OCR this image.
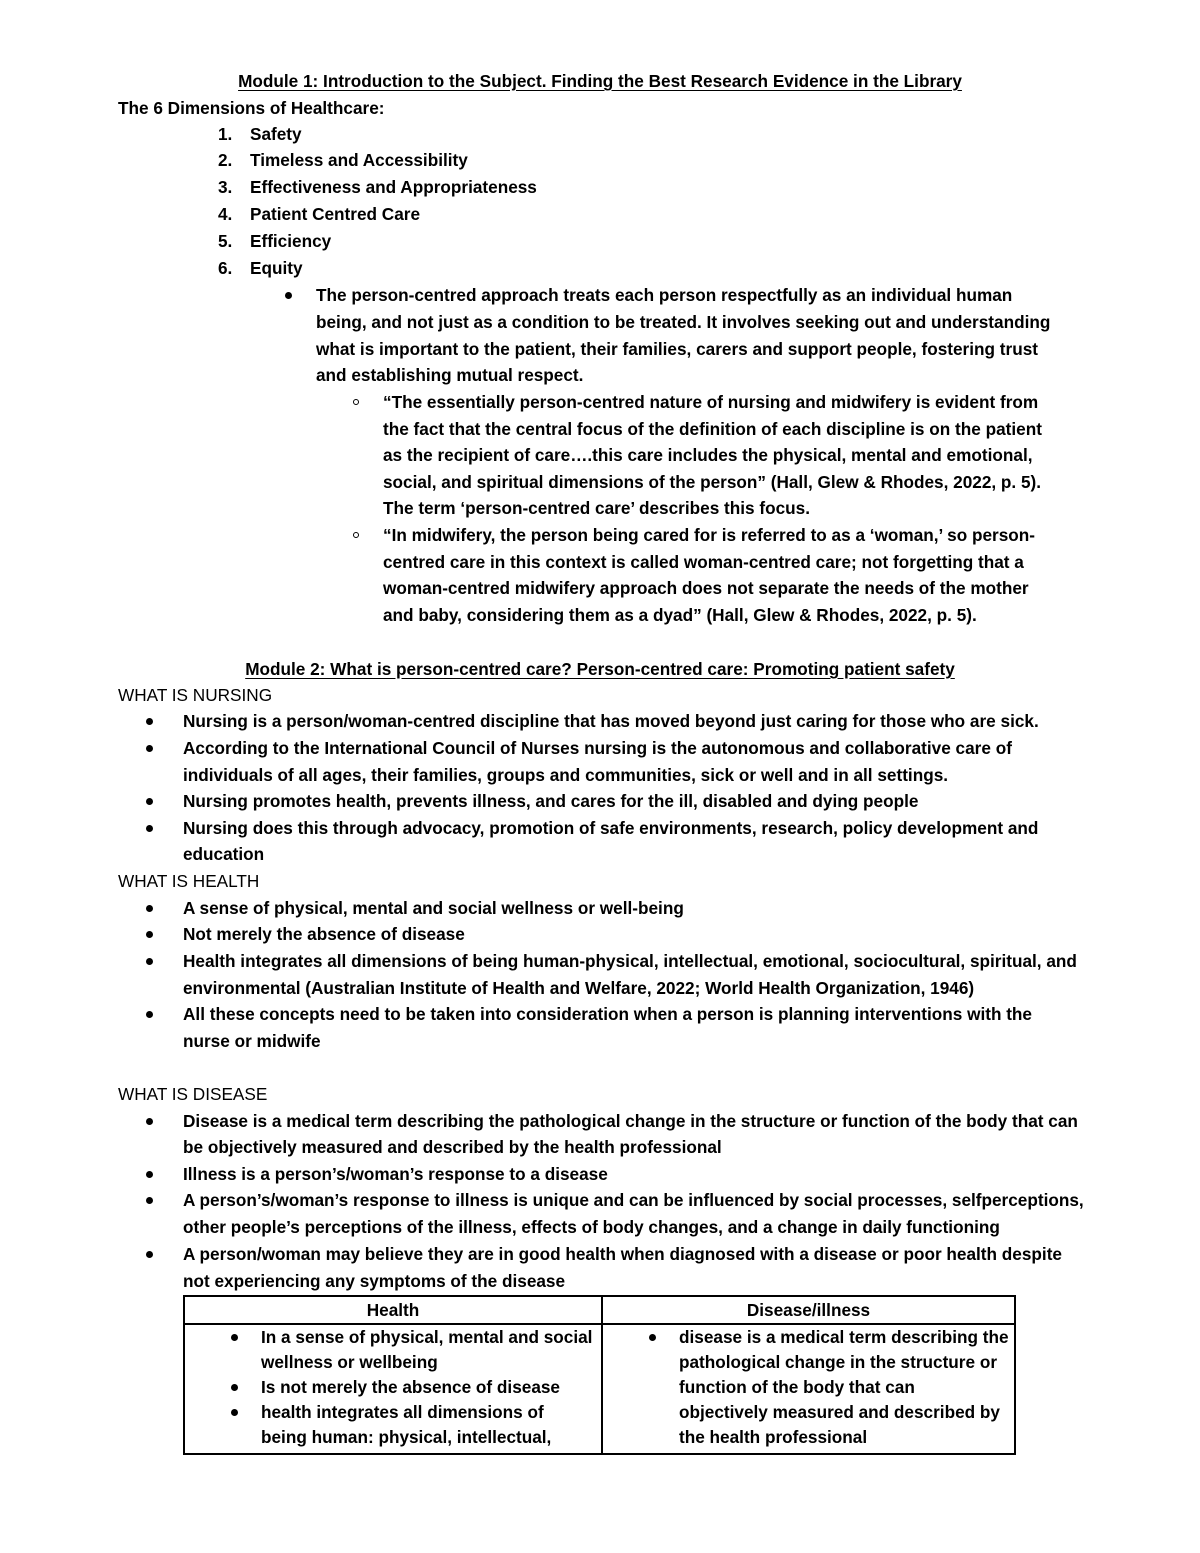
Module 1: Introduction to the Subject. Finding the Best Research Evidence in the Library
The 6 Dimensions of Healthcare:
1. Safety
2. Timeless and Accessibility
3. Effectiveness and Appropriateness
4. Patient Centred Care
5. Efficiency
6. Equity
The person-centred approach treats each person respectfully as an individual human
being, and not just as a condition to be treated. It involves seeking out and understanding
what is important to the patient, their families, carers and support people, fostering trust
and establishing mutual respect.
“The essentially person-centred nature of nursing and midwifery is evident from
the fact that the central focus of the definition of each discipline is on the patient
as the recipient of care….this care includes the physical, mental and emotional,
social, and spiritual dimensions of the person” (Hall, Glew & Rhodes, 2022, p. 5).
The term ‘person-centred care’ describes this focus.
“In midwifery, the person being cared for is referred to as a ‘woman,’ so person-
centred care in this context is called woman-centred care; not forgetting that a
woman-centred midwifery approach does not separate the needs of the mother
and baby, considering them as a dyad” (Hall, Glew & Rhodes, 2022, p. 5).
Module 2: What is person-centred care? Person-centred care: Promoting patient safety
WHAT IS NURSING
Nursing is a person/woman-centred discipline that has moved beyond just caring for those who are sick.
According to the International Council of Nurses nursing is the autonomous and collaborative care of
individuals of all ages, their families, groups and communities, sick or well and in all settings.
Nursing promotes health, prevents illness, and cares for the ill, disabled and dying people
Nursing does this through advocacy, promotion of safe environments, research, policy development and
education
WHAT IS HEALTH
A sense of physical, mental and social wellness or well-being
Not merely the absence of disease
Health integrates all dimensions of being human-physical, intellectual, emotional, sociocultural, spiritual, and
environmental (Australian Institute of Health and Welfare, 2022; World Health Organization, 1946)
All these concepts need to be taken into consideration when a person is planning interventions with the
nurse or midwife
WHAT IS DISEASE
Disease is a medical term describing the pathological change in the structure or function of the body that can
be objectively measured and described by the health professional
Illness is a person’s/woman’s response to a disease
A person’s/woman’s response to illness is unique and can be influenced by social processes, selfperceptions,
other people’s perceptions of the illness, effects of body changes, and a change in daily functioning
A person/woman may believe they are in good health when diagnosed with a disease or poor health despite
not experiencing any symptoms of the disease
Health	Disease/illness

In a sense of physical, mental and social
wellness or wellbeing
Is not merely the absence of disease
health integrates all dimensions of
being human: physical, intellectual,	disease is a medical term describing the
pathological change in the structure or
function of the body that can
objectively measured and described by
the health professional
